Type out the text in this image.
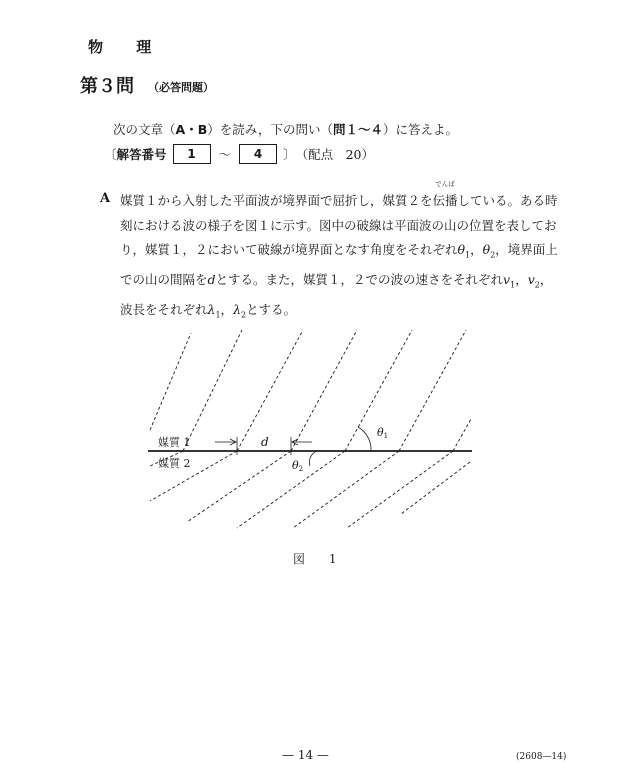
物 理
第３問 （必答問題）
次の文章（A・B）を読み，下の問い（問１〜４）に答えよ。
〔 解答番号	1	〜	4	〕 （配点　20）
A 媒質１から入射した平面波が境界面で屈折し，媒質２を
でんぱ
伝播している。ある時
刻における波の様子を図１に示す。図中の破線は平面波の山の位置を表してお
り，媒質１，２において破線が境界面となす角度をそれぞれ$\theta_1$，$\theta_2$，境界面上
での山の間隔をdとする。また，媒質１，２での波の速さをそれぞれ$v_1$，$v_2$，
波長をそれぞれ$\lambda_1$，$\lambda_2$とする。
媒質 1
媒質 2
d
θ1
θ2
図 1
— 14 —	(2608—14)
